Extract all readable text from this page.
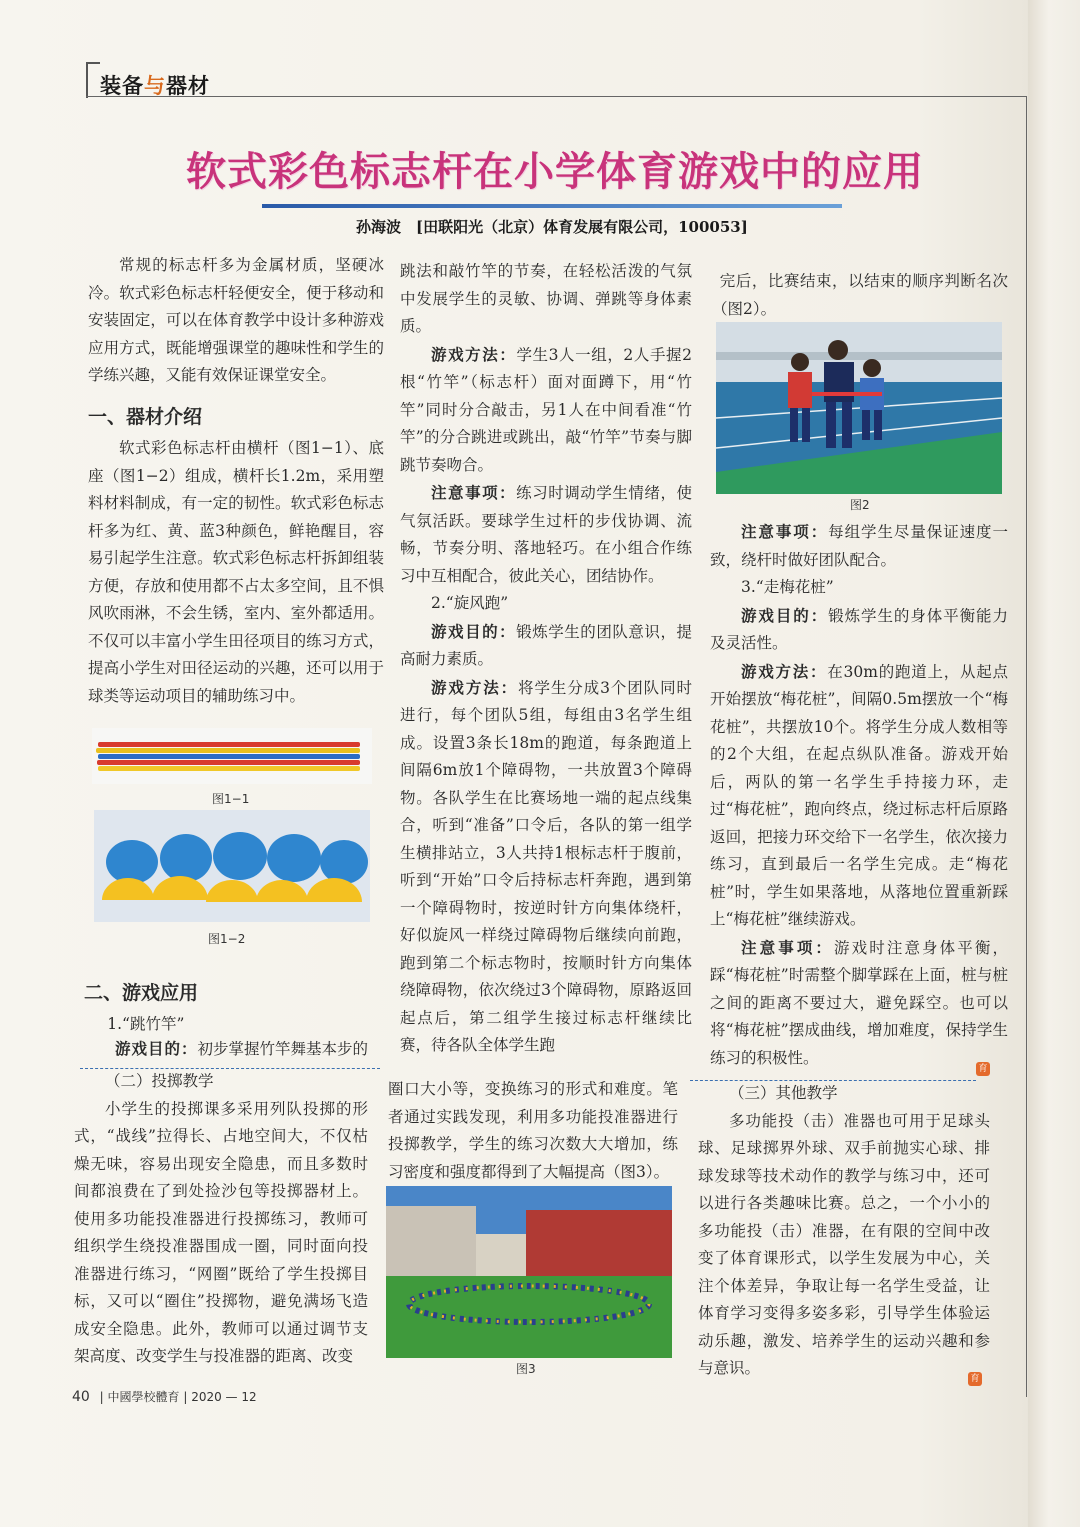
装备与器材
软式彩色标志杆在小学体育游戏中的应用
孙海波　[田联阳光（北京）体育发展有限公司，100053]

常规的标志杆多为金属材质，坚硬冰冷。软式彩色标志杆轻便安全，便于移动和安装固定，可以在体育教学中设计多种游戏应用方式，既能增强课堂的趣味性和学生的学练兴趣，又能有效保证课堂安全。

一、器材介绍

软式彩色标志杆由横杆（图1−1）、底座（图1−2）组成，横杆长1.2m，采用塑料材料制成，有一定的韧性。软式彩色标志杆多为红、黄、蓝3种颜色，鲜艳醒目，容易引起学生注意。软式彩色标志杆拆卸组装方便，存放和使用都不占太多空间，且不惧风吹雨淋，不会生锈，室内、室外都适用。不仅可以丰富小学生田径项目的练习方式，提高小学生对田径运动的兴趣，还可以用于球类等运动项目的辅助练习中。

图1−1
图1−2
二、游戏应用

1.“跳竹竿”

游戏目的：初步掌握竹竿舞基本步的

跳法和敲竹竿的节奏，在轻松活泼的气氛中发展学生的灵敏、协调、弹跳等身体素质。

游戏方法：学生3人一组，2人手握2根“竹竿”（标志杆）面对面蹲下，用“竹竿”同时分合敲击，另1人在中间看准“竹竿”的分合跳进或跳出，敲“竹竿”节奏与脚跳节奏吻合。

注意事项：练习时调动学生情绪，使气氛活跃。要球学生过杆的步伐协调、流畅，节奏分明、落地轻巧。在小组合作练习中互相配合，彼此关心，团结协作。

2.“旋风跑”

游戏目的：锻炼学生的团队意识，提高耐力素质。

游戏方法：将学生分成3个团队同时进行，每个团队5组，每组由3名学生组成。设置3条长18m的跑道，每条跑道上间隔6m放1个障碍物，一共放置3个障碍物。各队学生在比赛场地一端的起点线集合，听到“准备”口令后，各队的第一组学生横排站立，3人共持1根标志杆于腹前，听到“开始”口令后持标志杆奔跑，遇到第一个障碍物时，按逆时针方向集体绕杆，好似旋风一样绕过障碍物后继续向前跑，跑到第二个标志物时，按顺时针方向集体绕障碍物，依次绕过3个障碍物，原路返回起点后，第二组学生接过标志杆继续比赛，待各队全体学生跑

完后，比赛结束，以结束的顺序判断名次（图2）。

图2

注意事项：每组学生尽量保证速度一致，绕杆时做好团队配合。

3.“走梅花桩”

游戏目的：锻炼学生的身体平衡能力及灵活性。

游戏方法：在30m的跑道上，从起点开始摆放“梅花桩”，间隔0.5m摆放一个“梅花桩”，共摆放10个。将学生分成人数相等的2个大组，在起点纵队准备。游戏开始后，两队的第一名学生手持接力环，走过“梅花桩”，跑向终点，绕过标志杆后原路返回，把接力环交给下一名学生，依次接力练习，直到最后一名学生完成。走“梅花桩”时，学生如果落地，从落地位置重新踩上“梅花桩”继续游戏。

注意事项：游戏时注意身体平衡，踩“梅花桩”时需整个脚掌踩在上面，桩与桩之间的距离不要过大，避免踩空。也可以将“梅花桩”摆成曲线，增加难度，保持学生练习的积极性。

育

（二）投掷教学

小学生的投掷课多采用列队投掷的形式，“战线”拉得长、占地空间大，不仅枯燥无味，容易出现安全隐患，而且多数时间都浪费在了到处捡沙包等投掷器材上。使用多功能投准器进行投掷练习，教师可组织学生绕投准器围成一圈，同时面向投准器进行练习，“网圈”既给了学生投掷目标，又可以“圈住”投掷物，避免满场飞造成安全隐患。此外，教师可以通过调节支架高度、改变学生与投准器的距离、改变

圈口大小等，变换练习的形式和难度。笔者通过实践发现，利用多功能投准器进行投掷教学，学生的练习次数大大增加，练习密度和强度都得到了大幅提高（图3）。

图3

（三）其他教学

多功能投（击）准器也可用于足球头球、足球掷界外球、双手前抛实心球、排球发球等技术动作的教学与练习中，还可以进行各类趣味比赛。总之，一个小小的多功能投（击）准器，在有限的空间中改变了体育课形式，以学生发展为中心，关注个体差异，争取让每一名学生受益，让体育学习变得多姿多彩，引导学生体验运动乐趣，激发、培养学生的运动兴趣和参与意识。

育
40 | 中國學校體育 | 2020 — 12
